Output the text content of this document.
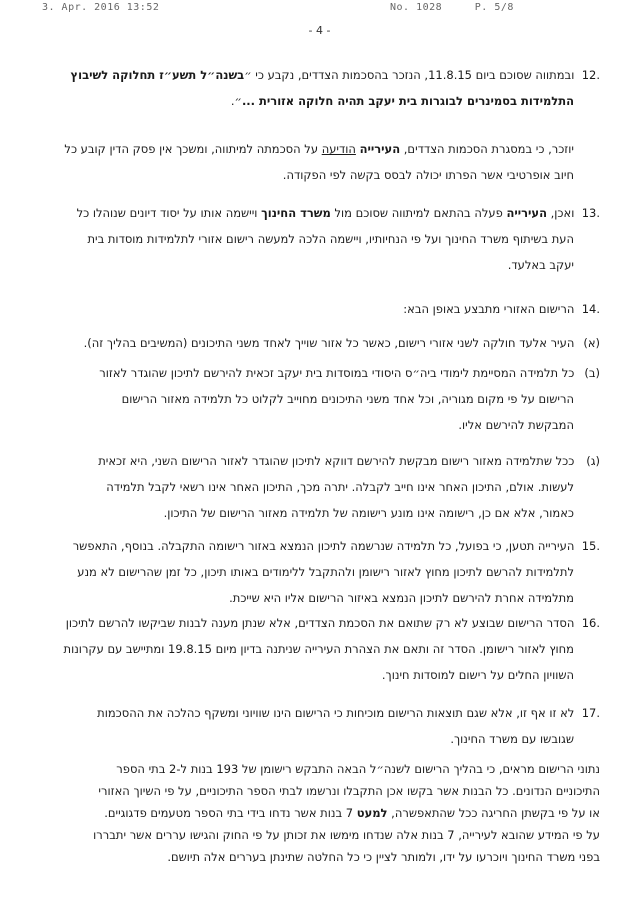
3. Apr. 2016 13:52	No. 1028	P. 5/8
- 4 -
.12 ובמתווה שסוכם ביום 11.8.15, הנזכר בהסכמות הצדדים, נקבע כי ״בשנה״ל תשע״ז תחלוקה לשיבוץ
התלמידות בסמינרים לבוגרות בית יעקב תהיה חלוקה אזורית ...״.
יוזכר, כי במסגרת הסכמות הצדדים, העירייה הודיעה על הסכמתה למיתווה, ומשכך אין פסק הדין קובע כל
חיוב אופרטיבי אשר הפרתו יכולה לבסס בקשה לפי הפקודה.
.13 ואכן, העירייה פעלה בהתאם למיתווה שסוכם מול משרד החינוך ויישמה אותו על יסוד דיונים שנוהלו כל
העת בשיתוף משרד החינוך ועל פי הנחיותיו, ויישמה הלכה למעשה רישום אזורי לתלמידות מוסדות בית
יעקב באלעד.
.14 הרישום האזורי מתבצע באופן הבא:
(א) העיר אלעד חולקה לשני אזורי רישום, כאשר כל אזור שוייך לאחד משני התיכונים (המשיבים בהליך זה).
(ב) כל תלמידה המסיימת לימודי ביה״ס היסודי במוסדות בית יעקב זכאית להירשם לתיכון שהוגדר לאזור
הרישום על פי מקום מגוריה, וכל אחד משני התיכונים מחוייב לקלוט כל תלמידה מאזור הרישום
המבקשת להירשם אליו.
(ג) ככל שתלמידה מאזור רישום מבקשת להירשם דווקא לתיכון שהוגדר לאזור הרישום השני, היא זכאית
לעשות. אולם, התיכון האחר אינו חייב לקבלה. יתרה מכך, התיכון האחר אינו רשאי לקבל תלמידה
כאמור, אלא אם כן, רישומה אינו מונע רישומה של תלמידה מאזור הרישום של התיכון.
.15 העירייה תטען, כי בפועל, כל תלמידה שנרשמה לתיכון הנמצא באזור רישומה התקבלה. בנוסף, התאפשר
לתלמידות להרשם לתיכון מחוץ לאזור רישומן ולהתקבל ללימודים באותו תיכון, כל זמן שהרישום לא מנע
מתלמידה אחרת להירשם לתיכון הנמצא באיזור הרישום אליו היא שייכת.
.16 הסדר הרישום שבוצע לא רק שתואם את הסכמת הצדדים, אלא שנתן מענה לבנות שביקשו להרשם לתיכון
מחוץ לאזור רישומן. הסדר זה ותאם את הצהרת העירייה שניתנה בדיון מיום 19.8.15 ומתיישב עם עקרונות
השוויון החלים על רישום למוסדות חינוך.
.17 לא זו אף זו, אלא שגם תוצאות הרישום מוכיחות כי הרישום הינו שוויוני ומשקף כהלכה את ההסכמות
שגובשו עם משרד החינוך.
נתוני הרישום מראים, כי בהליך הרישום לשנה״ל הבאה התבקש רישומן של 193 בנות ל-2 בתי הספר
התיכוניים הנדונים. כל הבנות אשר בקשו אכן התקבלו ונרשמו לבתי הספר התיכוניים, על פי השיוך האזורי
או על פי בקשתן החריגה ככל שהתאפשרה, למעט 7 בנות אשר נדחו בידי בתי הספר מטעמים פדגוגיים.
על פי המידע שהובא לעירייה, 7 בנות אלה שנדחו מימשו את זכותן על פי החוק והגישו עררים אשר יתבררו
בפני משרד החינוך ויוכרעו על ידו, ולמותר לציין כי כל החלטה שתינתן בעררים אלה תיושם.
